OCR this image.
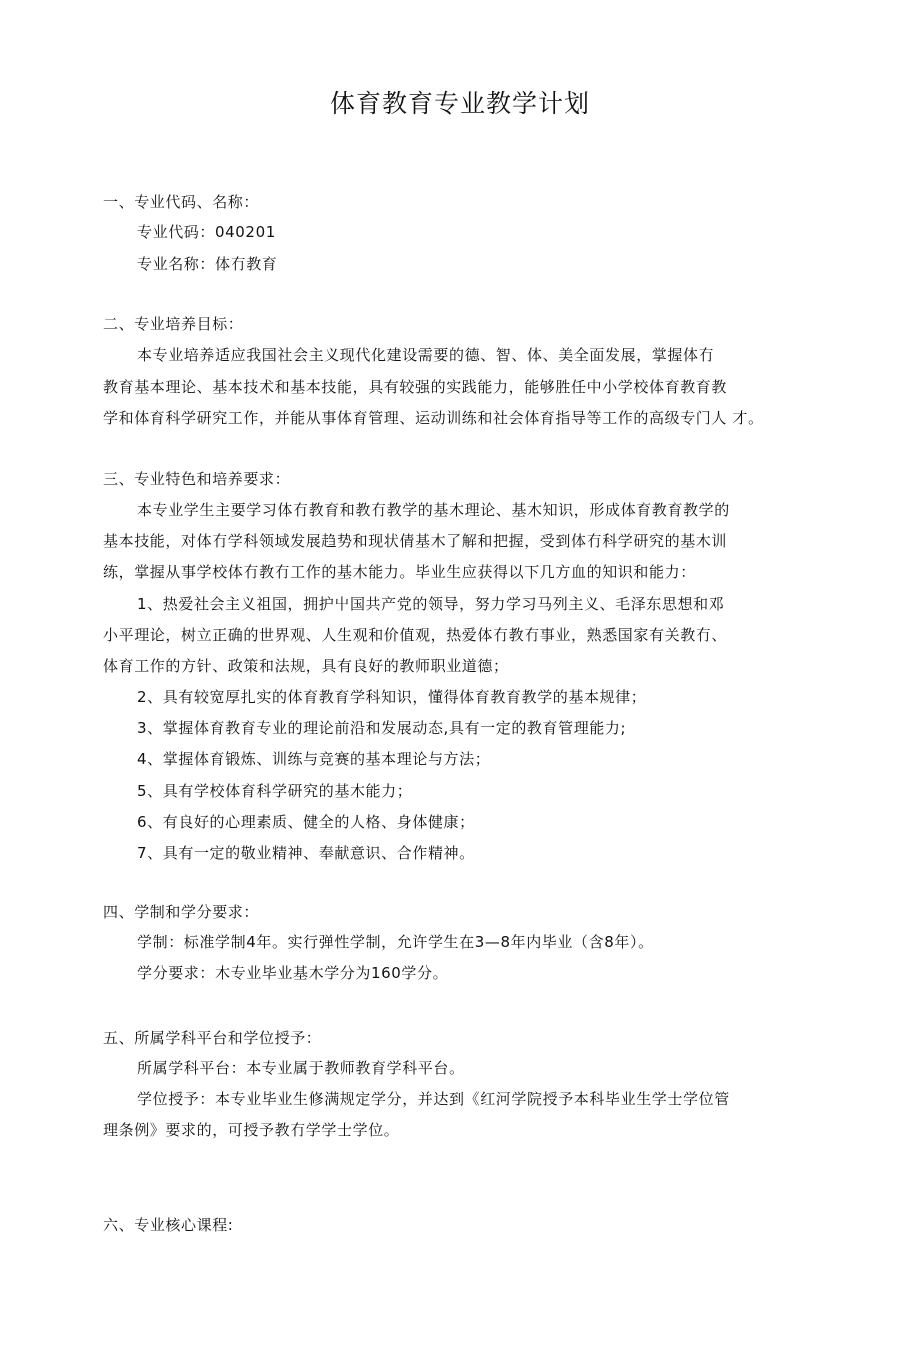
体育教育专业教学计划
一、专业代码、名称：
专业代码：040201
专业名称：体冇教育
二、专业培养目标：
本专业培养适应我国社会主义现代化建设需要的德、智、体、美全面发展，掌握体冇
教育基本理论、基本技术和基本技能，具有较强的实践能力，能够胜任中小学校体育教育教
学和体育科学研究工作，并能从事体育管理、运动训练和社会体育指导等工作的高级专门人 才。
三、专业特色和培养要求：
本专业学生主要学习体冇教育和教冇教学的基木理论、基木知识，形成体育教育教学的
基本技能，对体冇学科领域发展趋势和现状倩基木了解和把握，受到体冇科学研究的基木训
练，掌握从事学校体冇教冇工作的基木能力。毕业生应获得以下几方血的知识和能力：
1、热爱社会主义祖国，拥护屮国共产党的领导，努力学习马列主义、毛泽东思想和邓
小平理论，树立正确的世界观、人生观和价值观，热爱体冇教冇事业，熟悉国家有关教冇、
体育工作的方针、政策和法规，具有良好的教师职业道德；
2、具有较宽厚扎实的体育教育学科知识，懂得体育教育教学的基本规律；
3、掌握体育教育专业的理论前沿和发展动态,具有一定的教育管理能力;
4、掌握体育锻炼、训练与竞赛的基本理论与方法；
5、具有学校体育科学研究的基木能力；
6、有良好的心理素质、健全的人格、身体健康；
7、具有一定的敬业精神、奉献意识、合作精神。
四、学制和学分要求：
学制：标准学制4年。实行弹性学制，允许学生在3—8年内毕业（含8年）。
学分要求：木专业毕业基木学分为160学分。
五、所属学科平台和学位授予：
所属学科平台：本专业属于教师教育学科平台。
学位授予：本专业毕业生修满规定学分，并达到《红河学院授予本科毕业生学士学位管
理条例》要求的，可授予教冇学学士学位。
六、专业核心课程:
